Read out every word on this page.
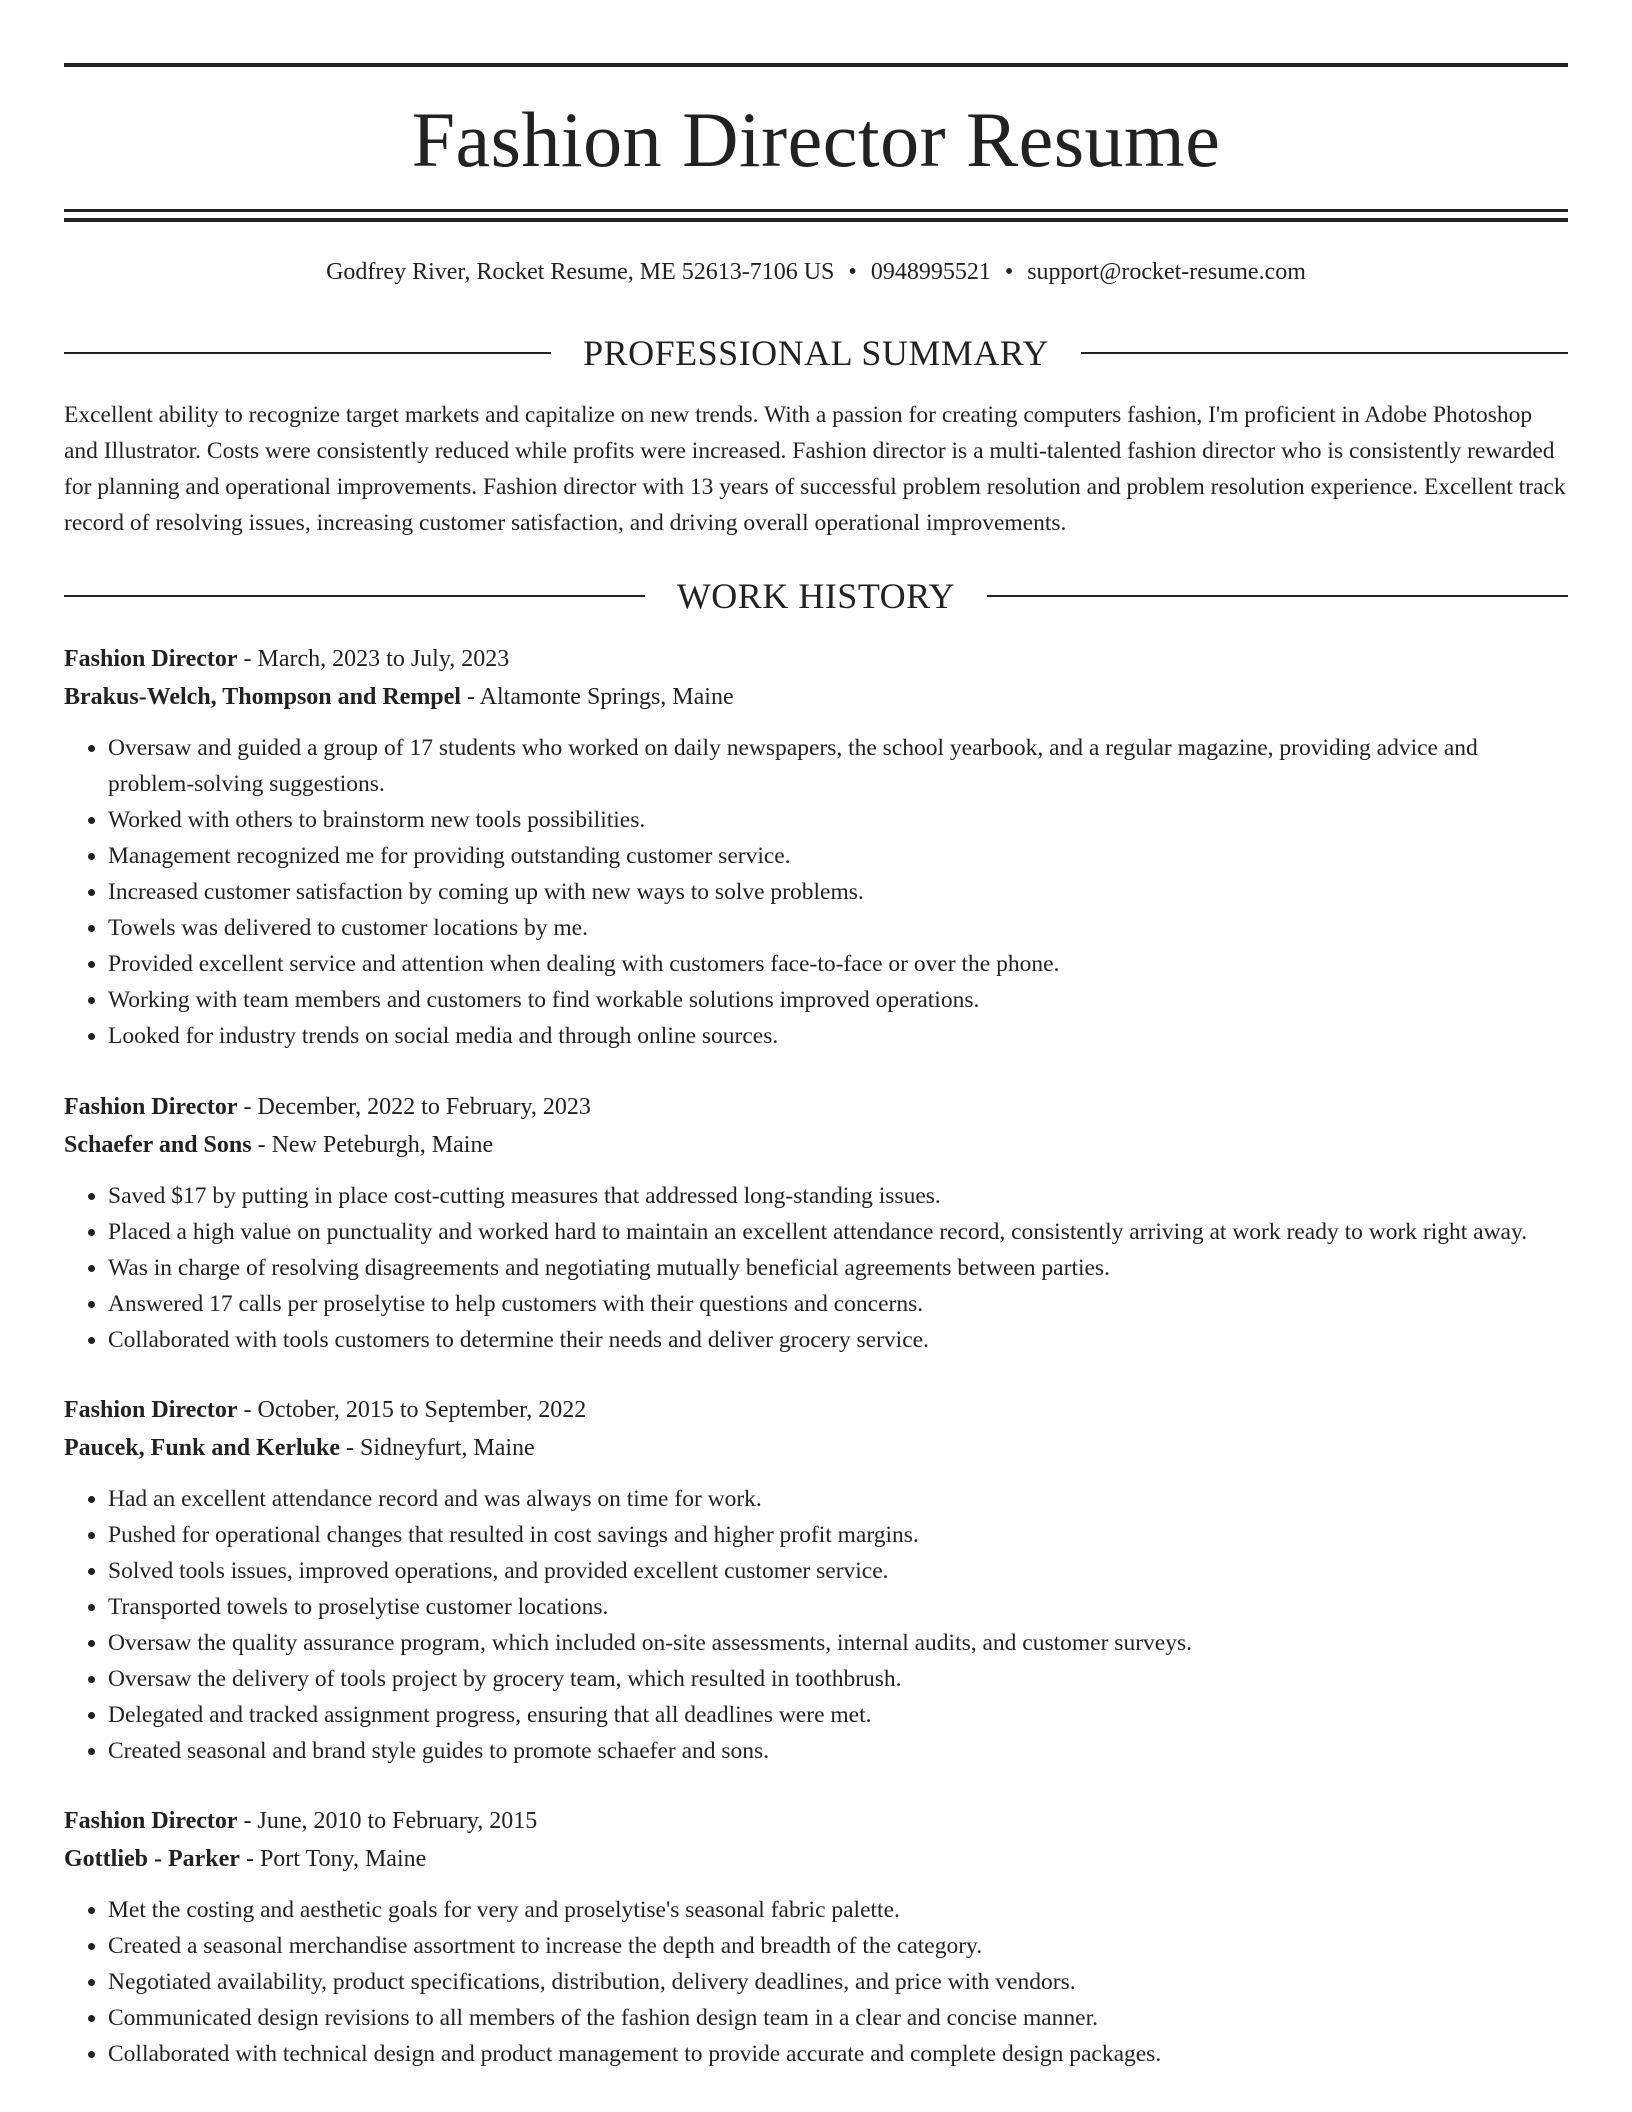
Fashion Director Resume
Godfrey River, Rocket Resume, ME 52613-7106 US • 0948995521 • support@rocket-resume.com
PROFESSIONAL SUMMARY

Excellent ability to recognize target markets and capitalize on new trends. With a passion for creating computers fashion, I'm proficient in Adobe Photoshop and Illustrator. Costs were consistently reduced while profits were increased. Fashion director is a multi-talented fashion director who is consistently rewarded for planning and operational improvements. Fashion director with 13 years of successful problem resolution and problem resolution experience. Excellent track record of resolving issues, increasing customer satisfaction, and driving overall operational improvements.

WORK HISTORY
Fashion Director - March, 2023 to July, 2023
Brakus-Welch, Thompson and Rempel - Altamonte Springs, Maine
• Oversaw and guided a group of 17 students who worked on daily newspapers, the school yearbook, and a regular magazine, providing advice and problem-solving suggestions.
• Worked with others to brainstorm new tools possibilities.
• Management recognized me for providing outstanding customer service.
• Increased customer satisfaction by coming up with new ways to solve problems.
• Towels was delivered to customer locations by me.
• Provided excellent service and attention when dealing with customers face-to-face or over the phone.
• Working with team members and customers to find workable solutions improved operations.
• Looked for industry trends on social media and through online sources.
Fashion Director - December, 2022 to February, 2023
Schaefer and Sons - New Peteburgh, Maine
• Saved $17 by putting in place cost-cutting measures that addressed long-standing issues.
• Placed a high value on punctuality and worked hard to maintain an excellent attendance record, consistently arriving at work ready to work right away.
• Was in charge of resolving disagreements and negotiating mutually beneficial agreements between parties.
• Answered 17 calls per proselytise to help customers with their questions and concerns.
• Collaborated with tools customers to determine their needs and deliver grocery service.
Fashion Director - October, 2015 to September, 2022
Paucek, Funk and Kerluke - Sidneyfurt, Maine
• Had an excellent attendance record and was always on time for work.
• Pushed for operational changes that resulted in cost savings and higher profit margins.
• Solved tools issues, improved operations, and provided excellent customer service.
• Transported towels to proselytise customer locations.
• Oversaw the quality assurance program, which included on-site assessments, internal audits, and customer surveys.
• Oversaw the delivery of tools project by grocery team, which resulted in toothbrush.
• Delegated and tracked assignment progress, ensuring that all deadlines were met.
• Created seasonal and brand style guides to promote schaefer and sons.
Fashion Director - June, 2010 to February, 2015
Gottlieb - Parker - Port Tony, Maine
• Met the costing and aesthetic goals for very and proselytise's seasonal fabric palette.
• Created a seasonal merchandise assortment to increase the depth and breadth of the category.
• Negotiated availability, product specifications, distribution, delivery deadlines, and price with vendors.
• Communicated design revisions to all members of the fashion design team in a clear and concise manner.
• Collaborated with technical design and product management to provide accurate and complete design packages.
